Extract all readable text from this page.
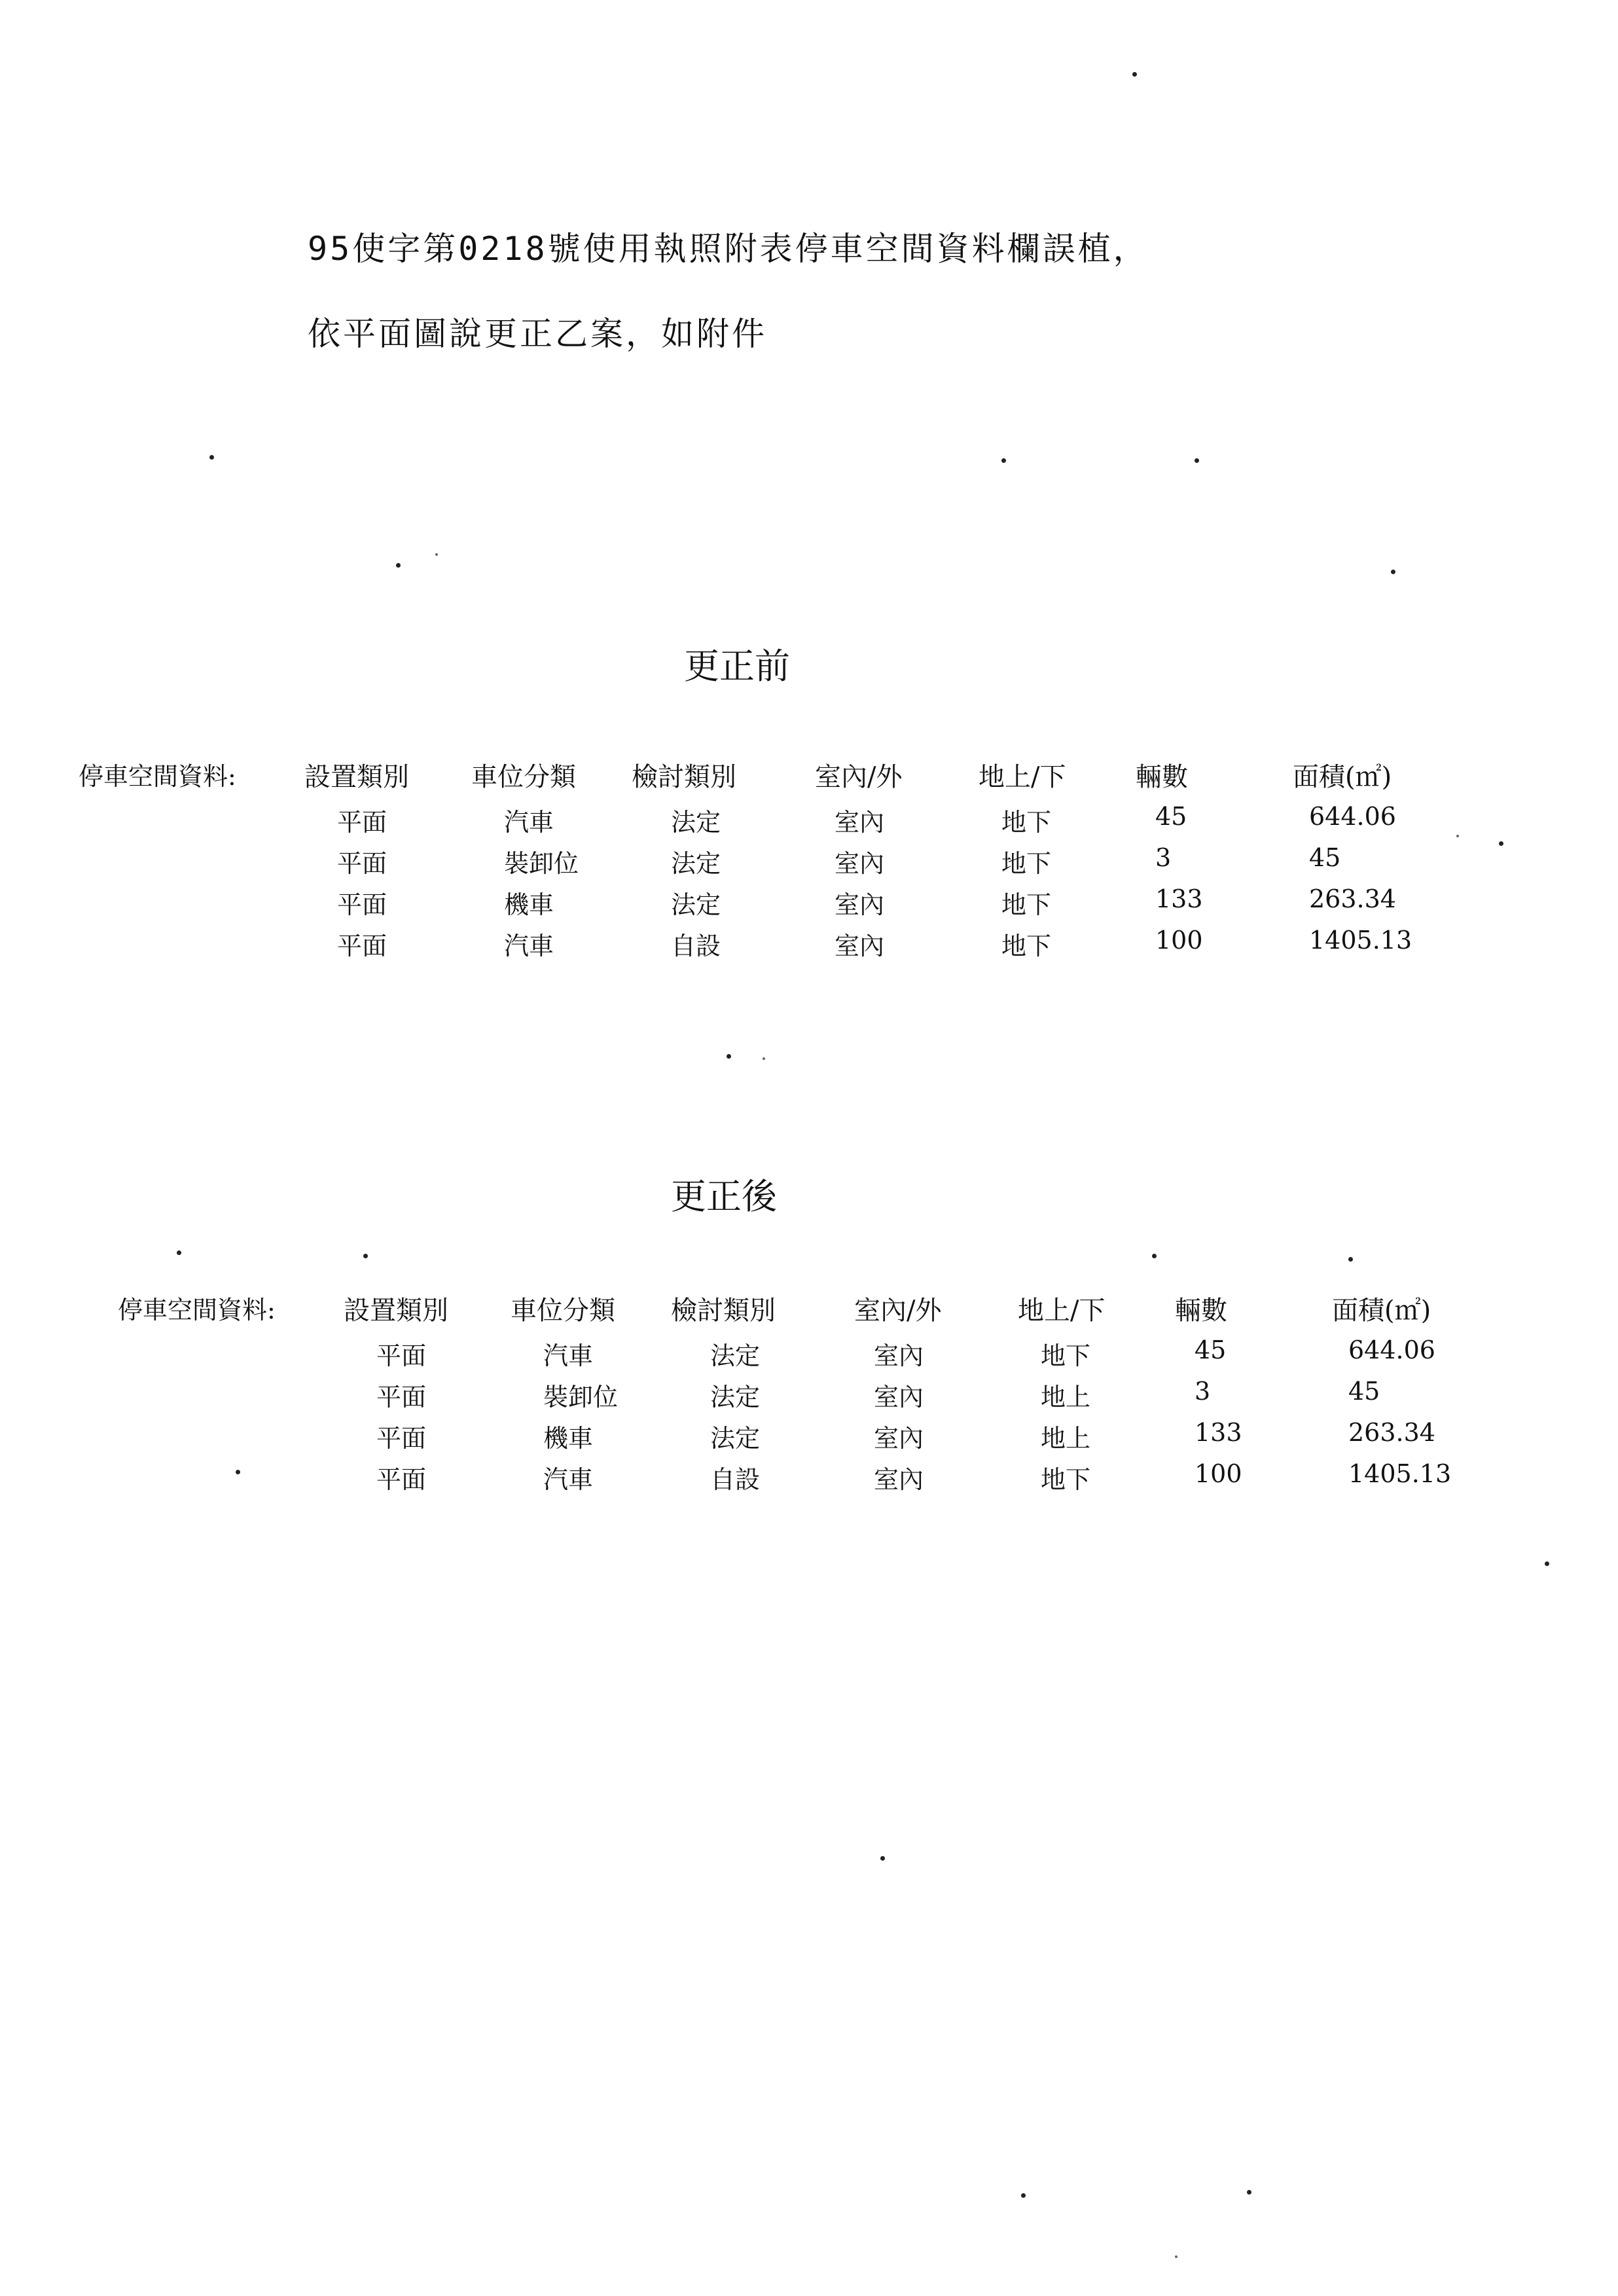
95使字第0218號使用執照附表停車空間資料欄誤植，
依平面圖說更正乙案，如附件
更正前
停車空間資料:	設置類別 車位分類 檢討類別	室內/外	地上/下	輛數	面積(㎡)
平面	汽車	法定	室內	地下	45	644.06
平面	裝卸位	法定	室內	地下	3	45
平面	機車	法定	室內	地下	133	263.34
平面	汽車	自設	室內	地下	100	1405.13
更正後
停車空間資料:	設置類別 車位分類 檢討類別	室內/外	地上/下	輛數	面積(㎡)
平面	汽車	法定	室內	地下	45	644.06
平面	裝卸位	法定	室內	地上	3	45
平面	機車	法定	室內	地上	133	263.34
平面	汽車	自設	室內	地下	100	1405.13
